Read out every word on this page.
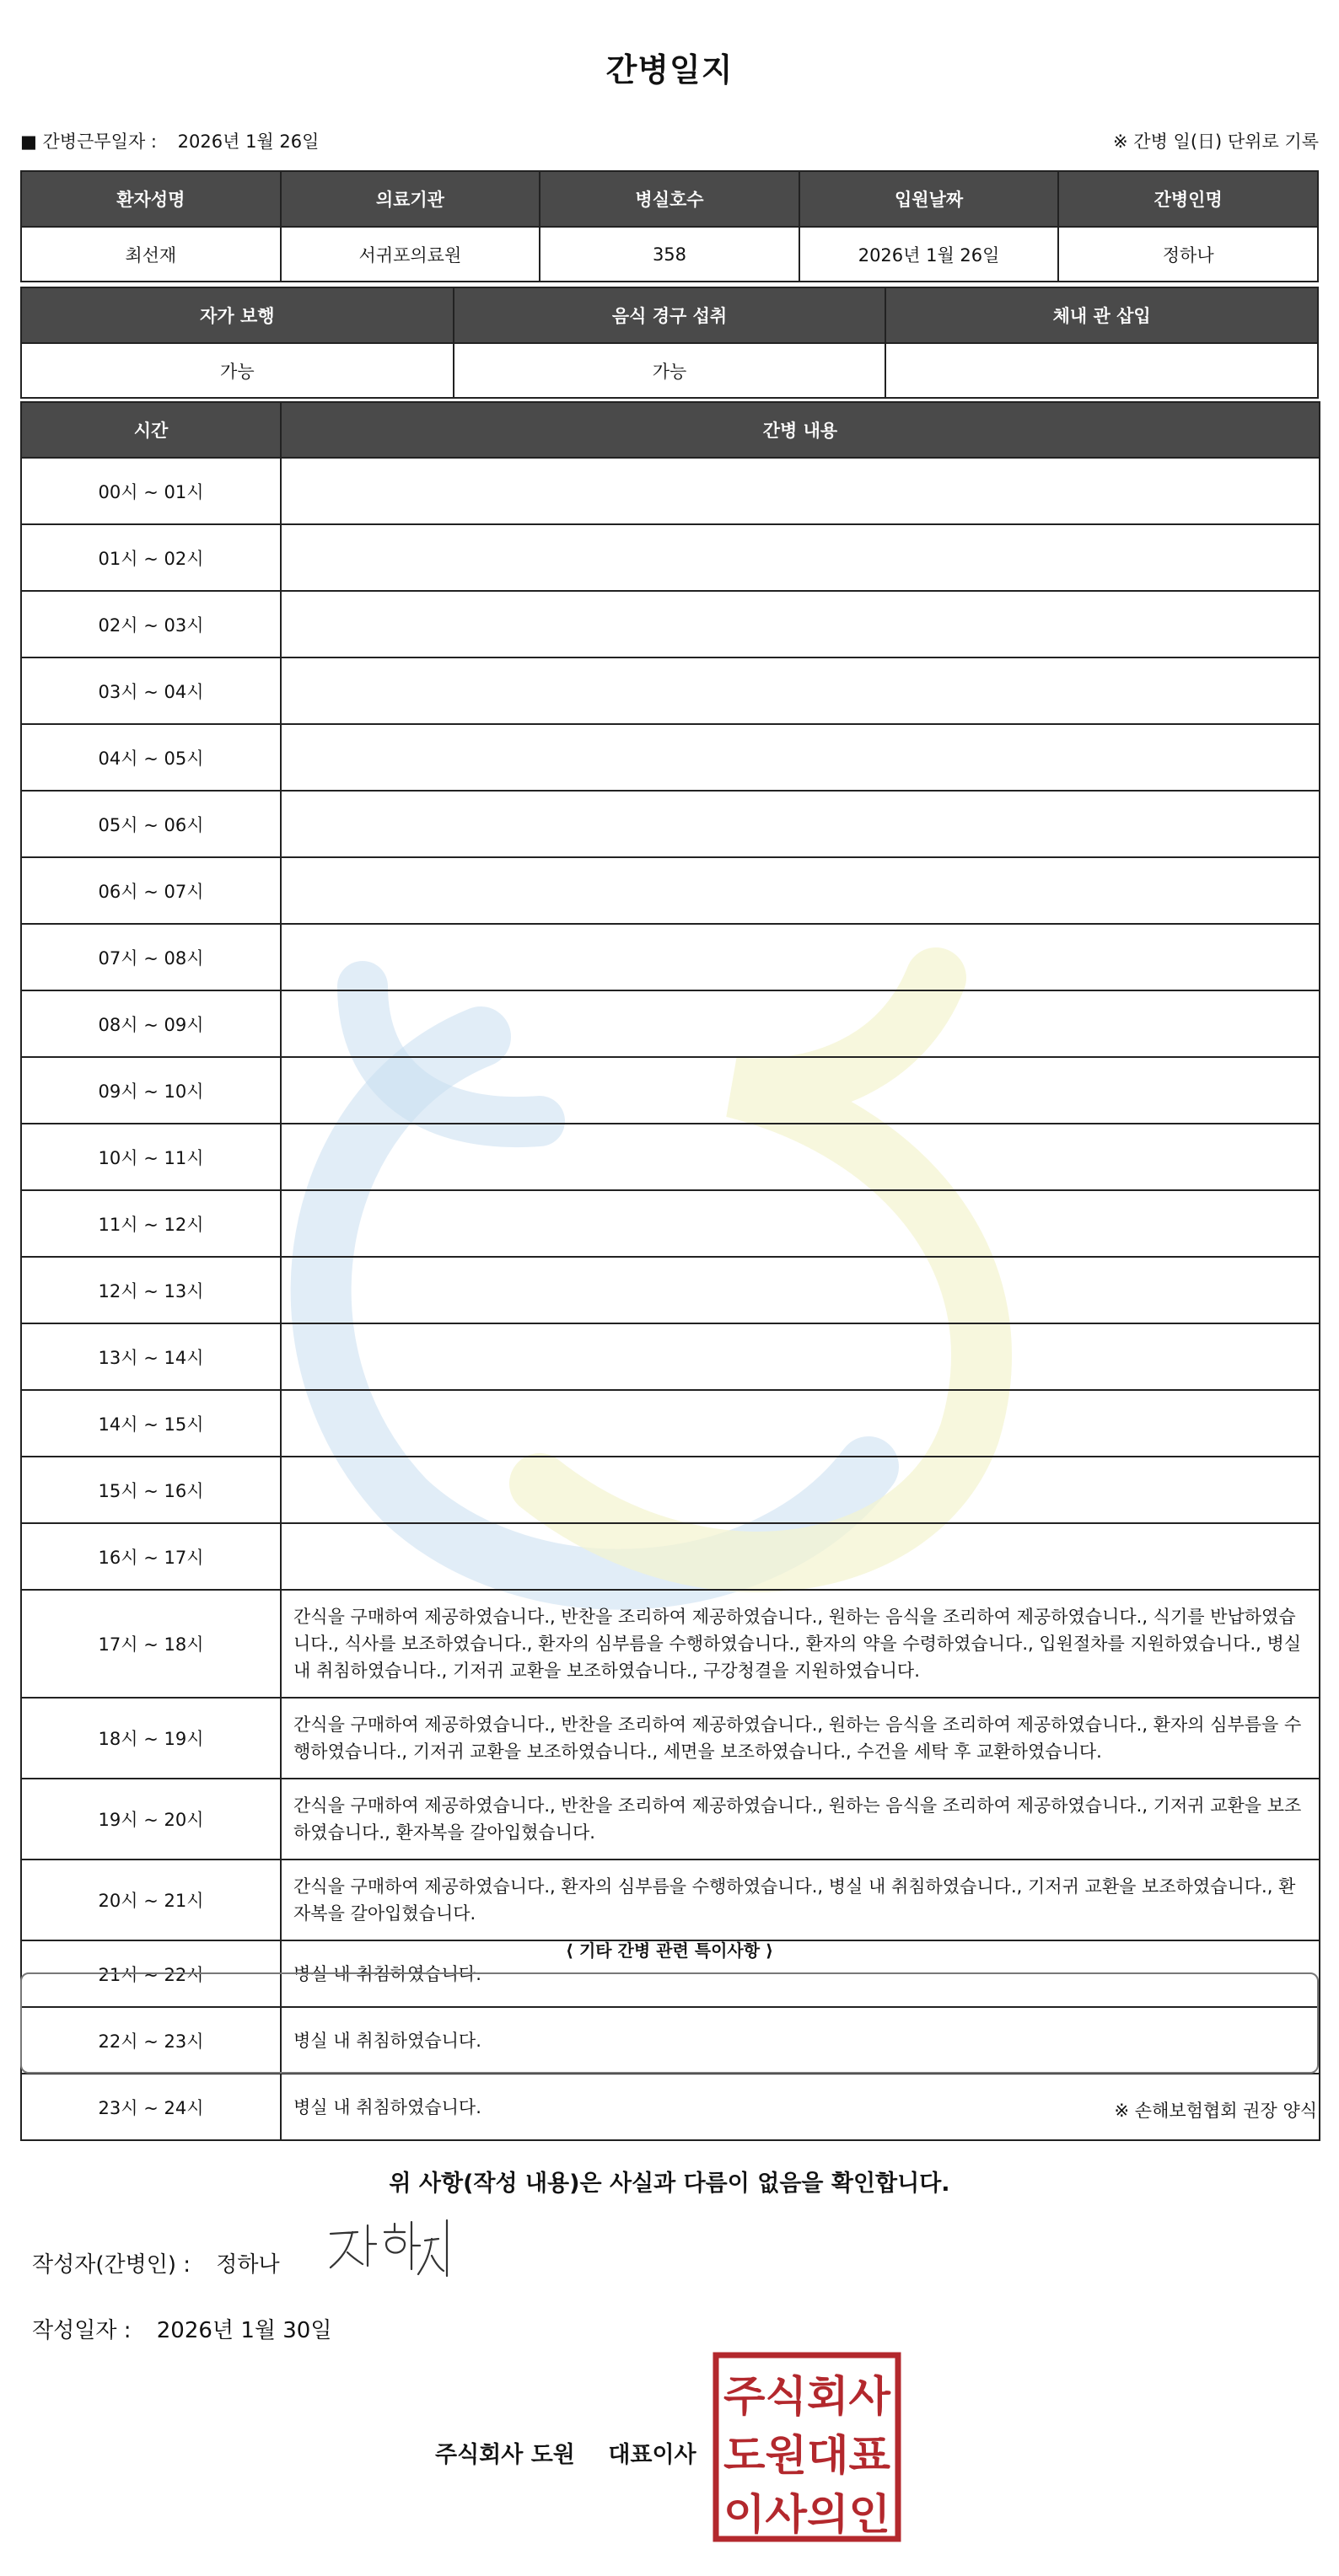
간병일지
■ 간병근무일자 : 2026년 1월 26일	※ 간병 일(日) 단위로 기록
환자성명	의료기관	병실호수	입원날짜	간병인명
최선재	서귀포의료원	358	2026년 1월 26일	정하나
자가 보행	음식 경구 섭취	체내 관 삽입
가능	가능	
시간	간병 내용
00시 ~ 01시	
01시 ~ 02시	
02시 ~ 03시	
03시 ~ 04시	
04시 ~ 05시	
05시 ~ 06시	
06시 ~ 07시	
07시 ~ 08시	
08시 ~ 09시	
09시 ~ 10시	
10시 ~ 11시	
11시 ~ 12시	
12시 ~ 13시	
13시 ~ 14시	
14시 ~ 15시	
15시 ~ 16시	
16시 ~ 17시	
17시 ~ 18시	간식을 구매하여 제공하였습니다., 반찬을 조리하여 제공하였습니다., 원하는 음식을 조리하여 제공하였습니다., 식기를 반납하였습니다., 식사를 보조하였습니다., 환자의 심부름을 수행하였습니다., 환자의 약을 수령하였습니다., 입원절차를 지원하였습니다., 병실 내 취침하였습니다., 기저귀 교환을 보조하였습니다., 구강청결을 지원하였습니다.
18시 ~ 19시	간식을 구매하여 제공하였습니다., 반찬을 조리하여 제공하였습니다., 원하는 음식을 조리하여 제공하였습니다., 환자의 심부름을 수행하였습니다., 기저귀 교환을 보조하였습니다., 세면을 보조하였습니다., 수건을 세탁 후 교환하였습니다.
19시 ~ 20시	간식을 구매하여 제공하였습니다., 반찬을 조리하여 제공하였습니다., 원하는 음식을 조리하여 제공하였습니다., 기저귀 교환을 보조하였습니다., 환자복을 갈아입혔습니다.
20시 ~ 21시	간식을 구매하여 제공하였습니다., 환자의 심부름을 수행하였습니다., 병실 내 취침하였습니다., 기저귀 교환을 보조하였습니다., 환자복을 갈아입혔습니다.
21시 ~ 22시	병실 내 취침하였습니다.
22시 ~ 23시	병실 내 취침하였습니다.
23시 ~ 24시	병실 내 취침하였습니다.
⟨ 기타 간병 관련 특이사항 ⟩
※ 손해보험협회 권장 양식
위 사항(작성 내용)은 사실과 다름이 없음을 확인합니다.
작성자(간병인) : 정하나
작성일자 : 2026년 1월 30일
주식회사 도원 대표이사
주식회사
도원대표
이사의인
